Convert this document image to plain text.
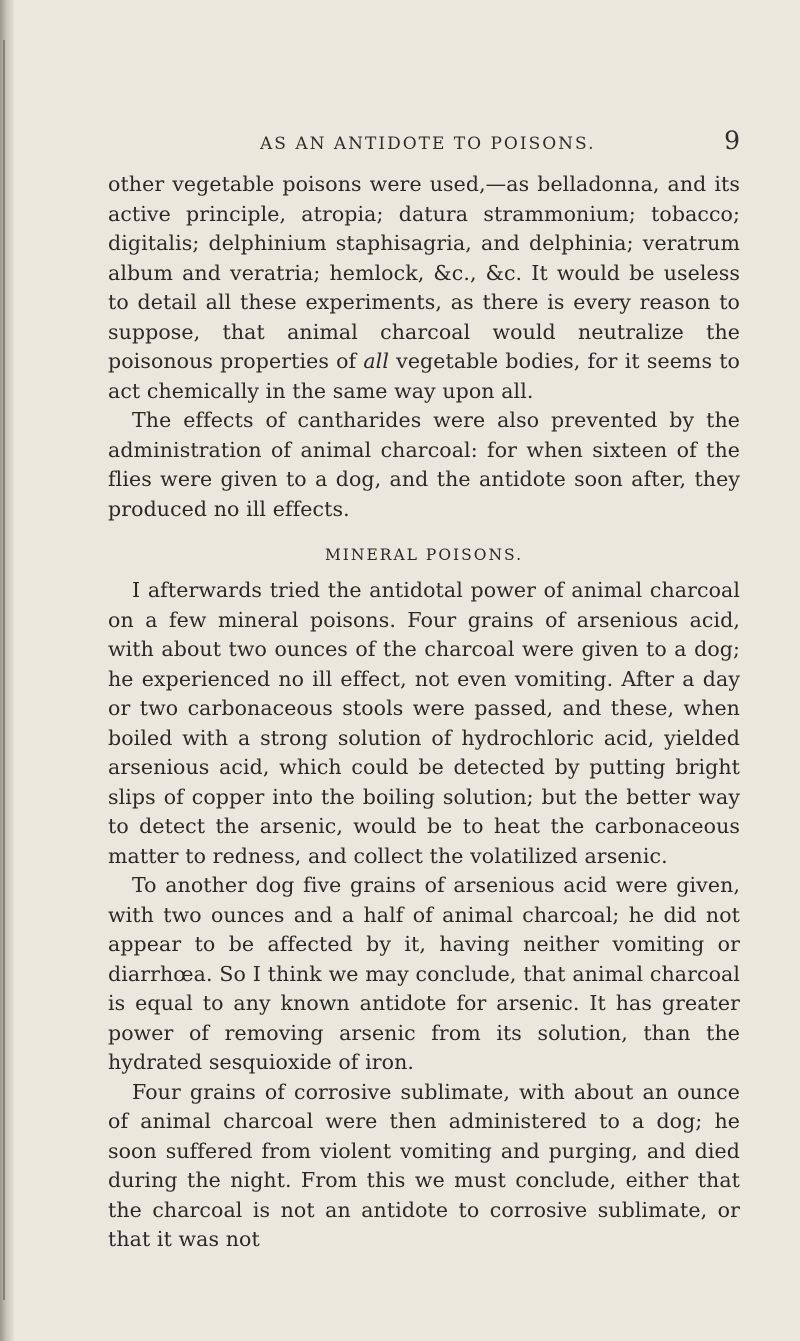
AS AN ANTIDOTE TO POISONS.	9

other vegetable poisons were used,—as belladonna, and its active principle, atropia; datura strammonium; tobacco; digitalis; delphinium staphisagria, and delphinia; veratrum album and veratria; hemlock, &c., &c. It would be useless to detail all these experiments, as there is every reason to suppose, that animal charcoal would neutralize the poisonous properties of all vegetable bodies, for it seems to act chemically in the same way upon all.

The effects of cantharides were also prevented by the administration of animal charcoal: for when sixteen of the flies were given to a dog, and the antidote soon after, they produced no ill effects.

MINERAL POISONS.

I afterwards tried the antidotal power of animal charcoal on a few mineral poisons. Four grains of arsenious acid, with about two ounces of the charcoal were given to a dog; he experienced no ill effect, not even vomiting. After a day or two carbonaceous stools were passed, and these, when boiled with a strong solution of hydrochloric acid, yielded arsenious acid, which could be detected by putting bright slips of copper into the boiling solution; but the better way to detect the arsenic, would be to heat the carbonaceous matter to redness, and collect the volatilized arsenic.

To another dog five grains of arsenious acid were given, with two ounces and a half of animal charcoal; he did not appear to be affected by it, having neither vomiting or diarrhœa. So I think we may conclude, that animal charcoal is equal to any known antidote for arsenic. It has greater power of removing arsenic from its solution, than the hydrated sesquioxide of iron.

Four grains of corrosive sublimate, with about an ounce of animal charcoal were then administered to a dog; he soon suffered from violent vomiting and purging, and died during the night. From this we must conclude, either that the charcoal is not an antidote to corrosive sublimate, or that it was not
